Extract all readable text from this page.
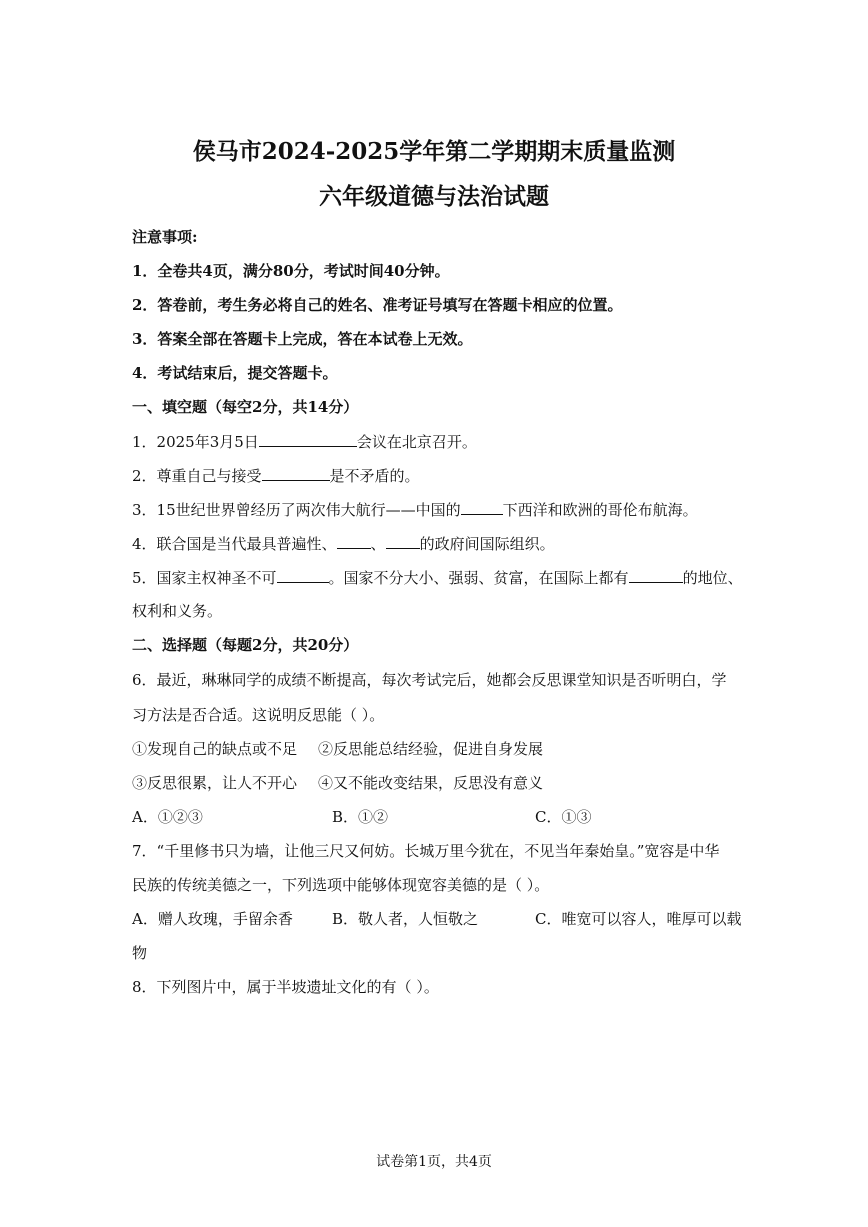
侯马市2024-2025学年第二学期期末质量监测
六年级道德与法治试题
注意事项:
1．全卷共4页，满分80分，考试时间40分钟。
2．答卷前，考生务必将自己的姓名、准考证号填写在答题卡相应的位置。
3．答案全部在答题卡上完成，答在本试卷上无效。
4．考试结束后，提交答题卡。
一、填空题（每空2分，共14分）
1．2025年3月5日	会议在北京召开。
2．尊重自己与接受	是不矛盾的。
3．15世纪世界曾经历了两次伟大航行——中国的	下西洋和欧洲的哥伦布航海。
4．联合国是当代最具普遍性、 、 的政府间国际组织。
5．国家主权神圣不可	。国家不分大小、强弱、贫富，在国际上都有	的地位、
权利和义务。
二、选择题（每题2分，共20分）
6．最近，琳琳同学的成绩不断提高，每次考试完后，她都会反思课堂知识是否听明白，学
习方法是否合适。这说明反思能（ ）。
①发现自己的缺点或不足 ②反思能总结经验，促进自身发展
③反思很累，让人不开心 ④又不能改变结果，反思没有意义
A．①②③	B．①②	C．①③
7．“千里修书只为墙，让他三尺又何妨。长城万里今犹在，不见当年秦始皇。”宽容是中华
民族的传统美德之一，下列选项中能够体现宽容美德的是（ ）。
A．赠人玫瑰，手留余香	B．敬人者，人恒敬之	C．唯宽可以容人，唯厚可以载
物
8．下列图片中，属于半坡遗址文化的有（ ）。
试卷第1页，共4页
